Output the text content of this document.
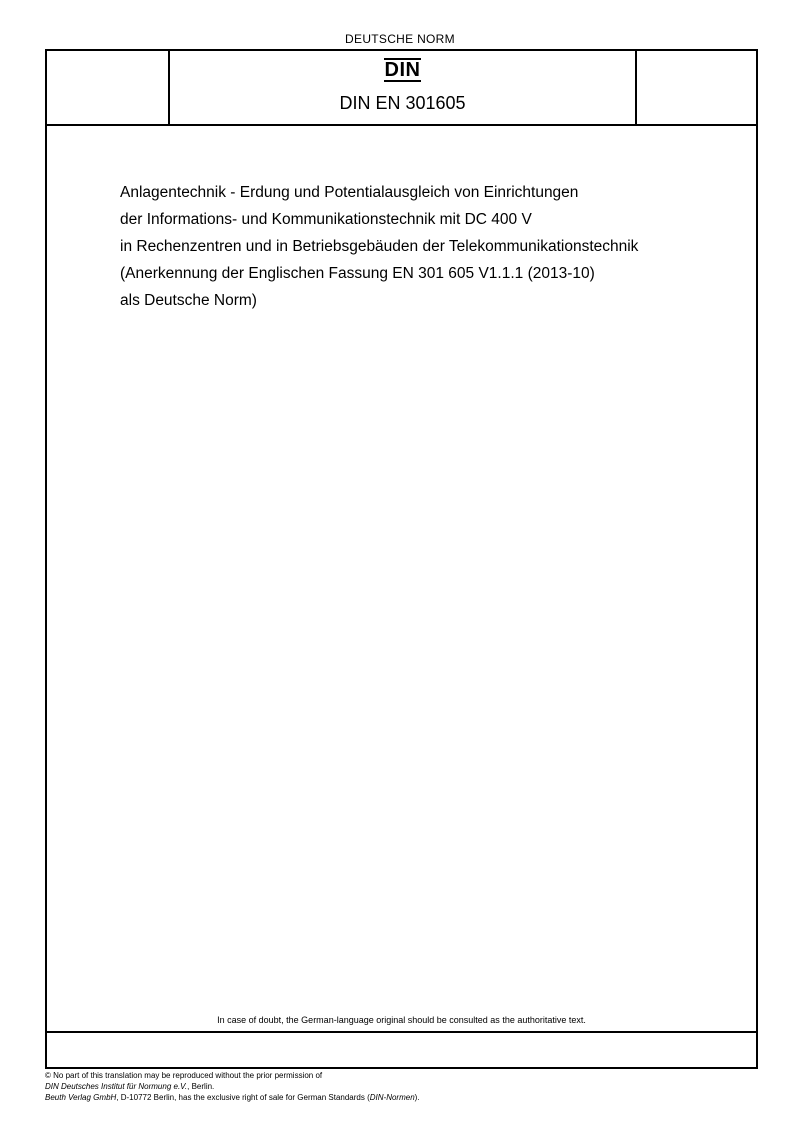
DEUTSCHE NORM
DIN
DIN EN 301605
Anlagentechnik - Erdung und Potentialausgleich von Einrichtungen
der Informations- und Kommunikationstechnik mit DC 400 V
in Rechenzentren und in Betriebsgebäuden der Telekommunikationstechnik
(Anerkennung der Englischen Fassung EN 301 605 V1.1.1 (2013-10)
als Deutsche Norm)
In case of doubt, the German-language original should be consulted as the authoritative text.
© No part of this translation may be reproduced without the prior permission of
DIN Deutsches Institut für Normung e.V., Berlin.
Beuth Verlag GmbH, D-10772 Berlin, has the exclusive right of sale for German Standards (DIN-Normen).
